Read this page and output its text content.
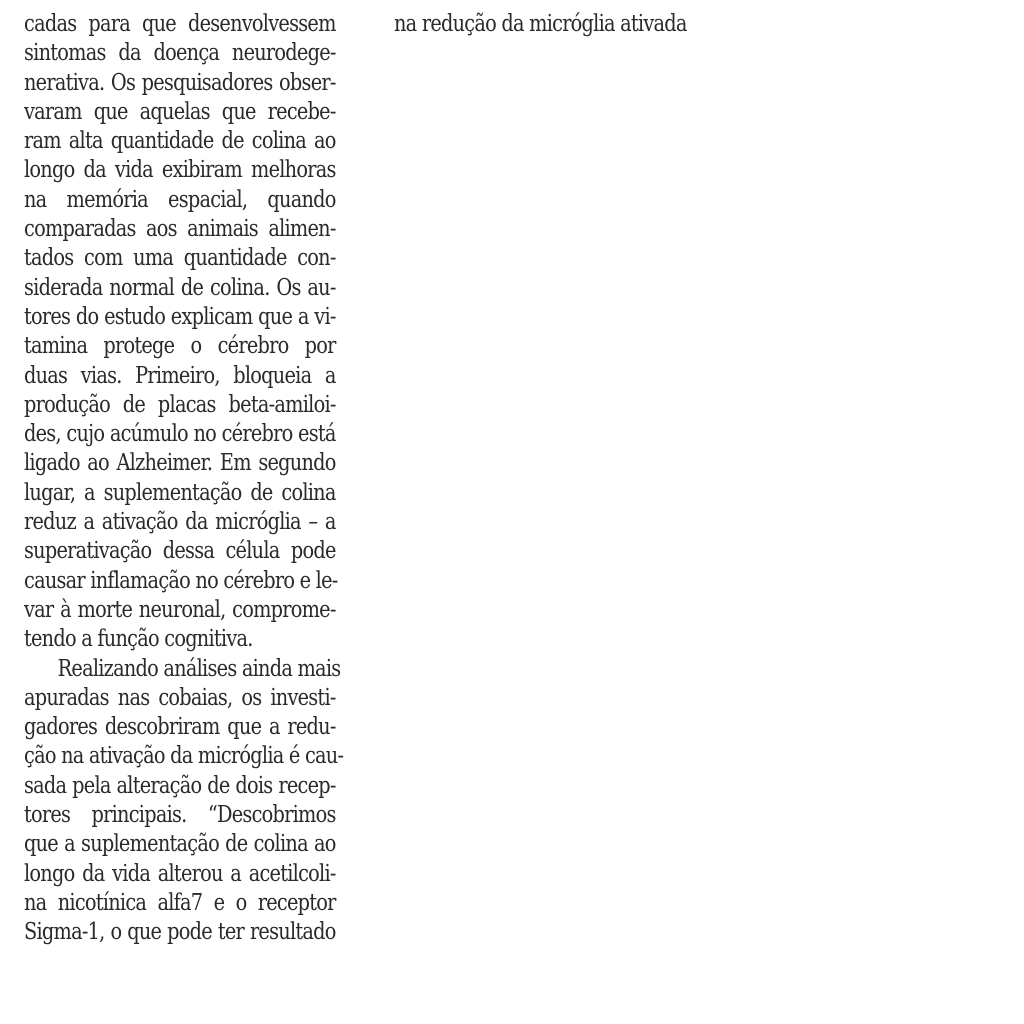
cadas para que desenvolvessem
sintomas da doença neurodege-
nerativa. Os pesquisadores obser-
varam que aquelas que recebe-
ram alta quantidade de colina ao
longo da vida exibiram melhoras
na memória espacial, quando
comparadas aos animais alimen-
tados com uma quantidade con-
siderada normal de colina. Os au-
tores do estudo explicam que a vi-
tamina protege o cérebro por
duas vias. Primeiro, bloqueia a
produção de placas beta-amiloi-
des, cujo acúmulo no cérebro está
ligado ao Alzheimer. Em segundo
lugar, a suplementação de colina
reduz a ativação da micróglia – a
superativação dessa célula pode
causar inflamação no cérebro e le-
var à morte neuronal, comprome-
tendo a função cognitiva.
Realizando análises ainda mais
apuradas nas cobaias, os investi-
gadores descobriram que a redu-
ção na ativação da micróglia é cau-
sada pela alteração de dois recep-
tores principais. “Descobrimos
que a suplementação de colina ao
longo da vida alterou a acetilcoli-
na nicotínica alfa7 e o receptor
Sigma-1, o que pode ter resultado
na redução da micróglia ativada
